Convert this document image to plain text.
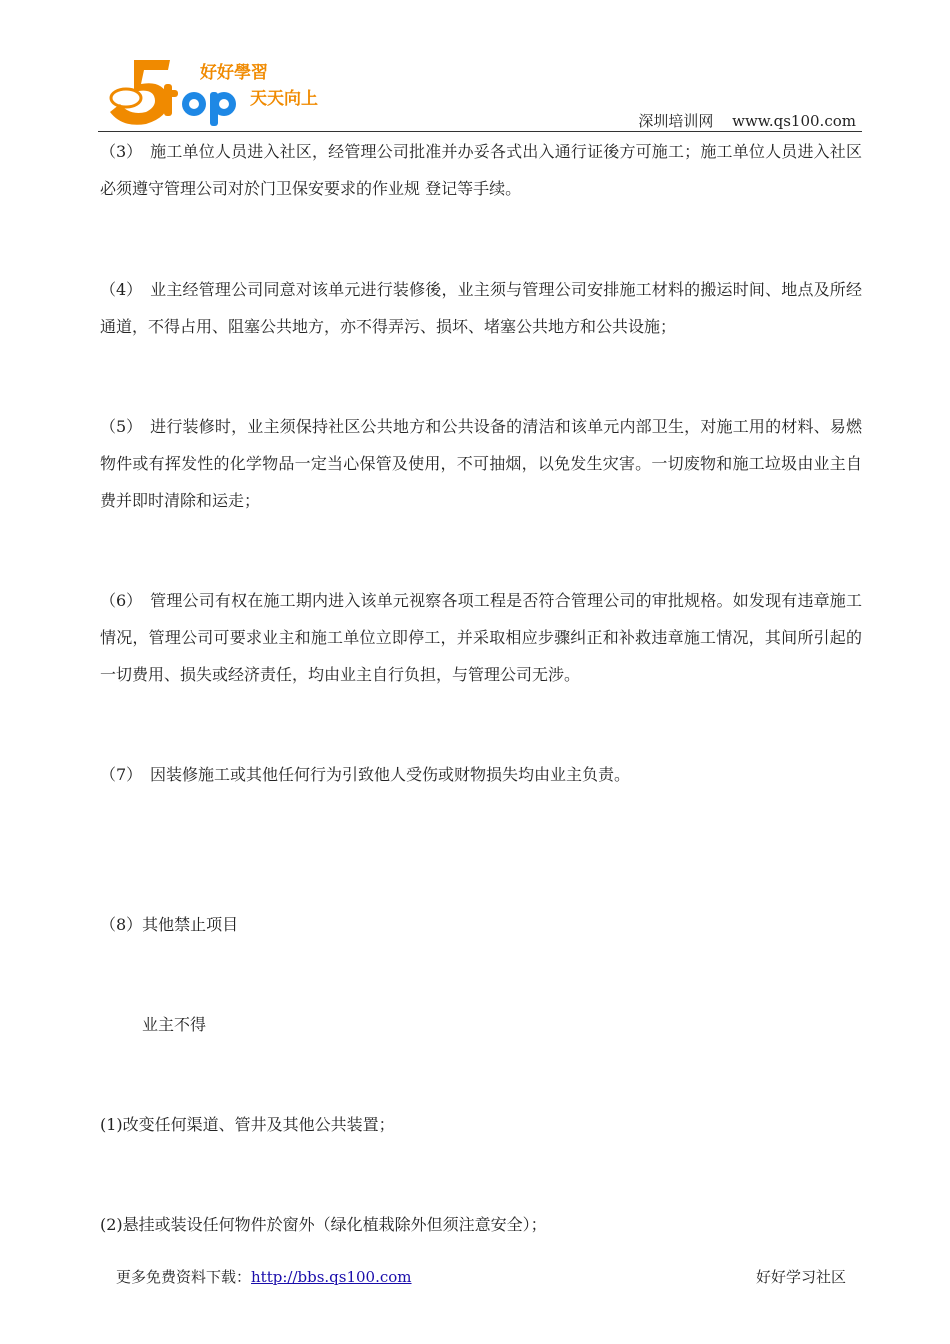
好好學習
天天向上
深圳培训网 www.qs100.com

（3） 施工单位人员进入社区，经管理公司批准并办妥各式出入通行证後方可施工；施工单位人员进入社区必须遵守管理公司对於门卫保安要求的作业规 登记等手续。

（4） 业主经管理公司同意对该单元进行装修後，业主须与管理公司安排施工材料的搬运时间、地点及所经通道，不得占用、阻塞公共地方，亦不得弄污、损坏、堵塞公共地方和公共设施；

（5） 进行装修时，业主须保持社区公共地方和公共设备的清洁和该单元内部卫生，对施工用的材料、易燃物件或有挥发性的化学物品一定当心保管及使用，不可抽烟，以免发生灾害。一切废物和施工垃圾由业主自费并即时清除和运走；

（6） 管理公司有权在施工期内进入该单元视察各项工程是否符合管理公司的审批规格。如发现有违章施工情况，管理公司可要求业主和施工单位立即停工，并采取相应步骤纠正和补救违章施工情况，其间所引起的一切费用、损失或经济责任，均由业主自行负担，与管理公司无涉。

（7） 因装修施工或其他任何行为引致他人受伤或财物损失均由业主负责。

（8）其他禁止项目

业主不得

(1)改变任何渠道、管井及其他公共装置；

(2)悬挂或装设任何物件於窗外（绿化植栽除外但须注意安全）；

更多免费资料下载：http://bbs.qs100.com	好好学习社区
